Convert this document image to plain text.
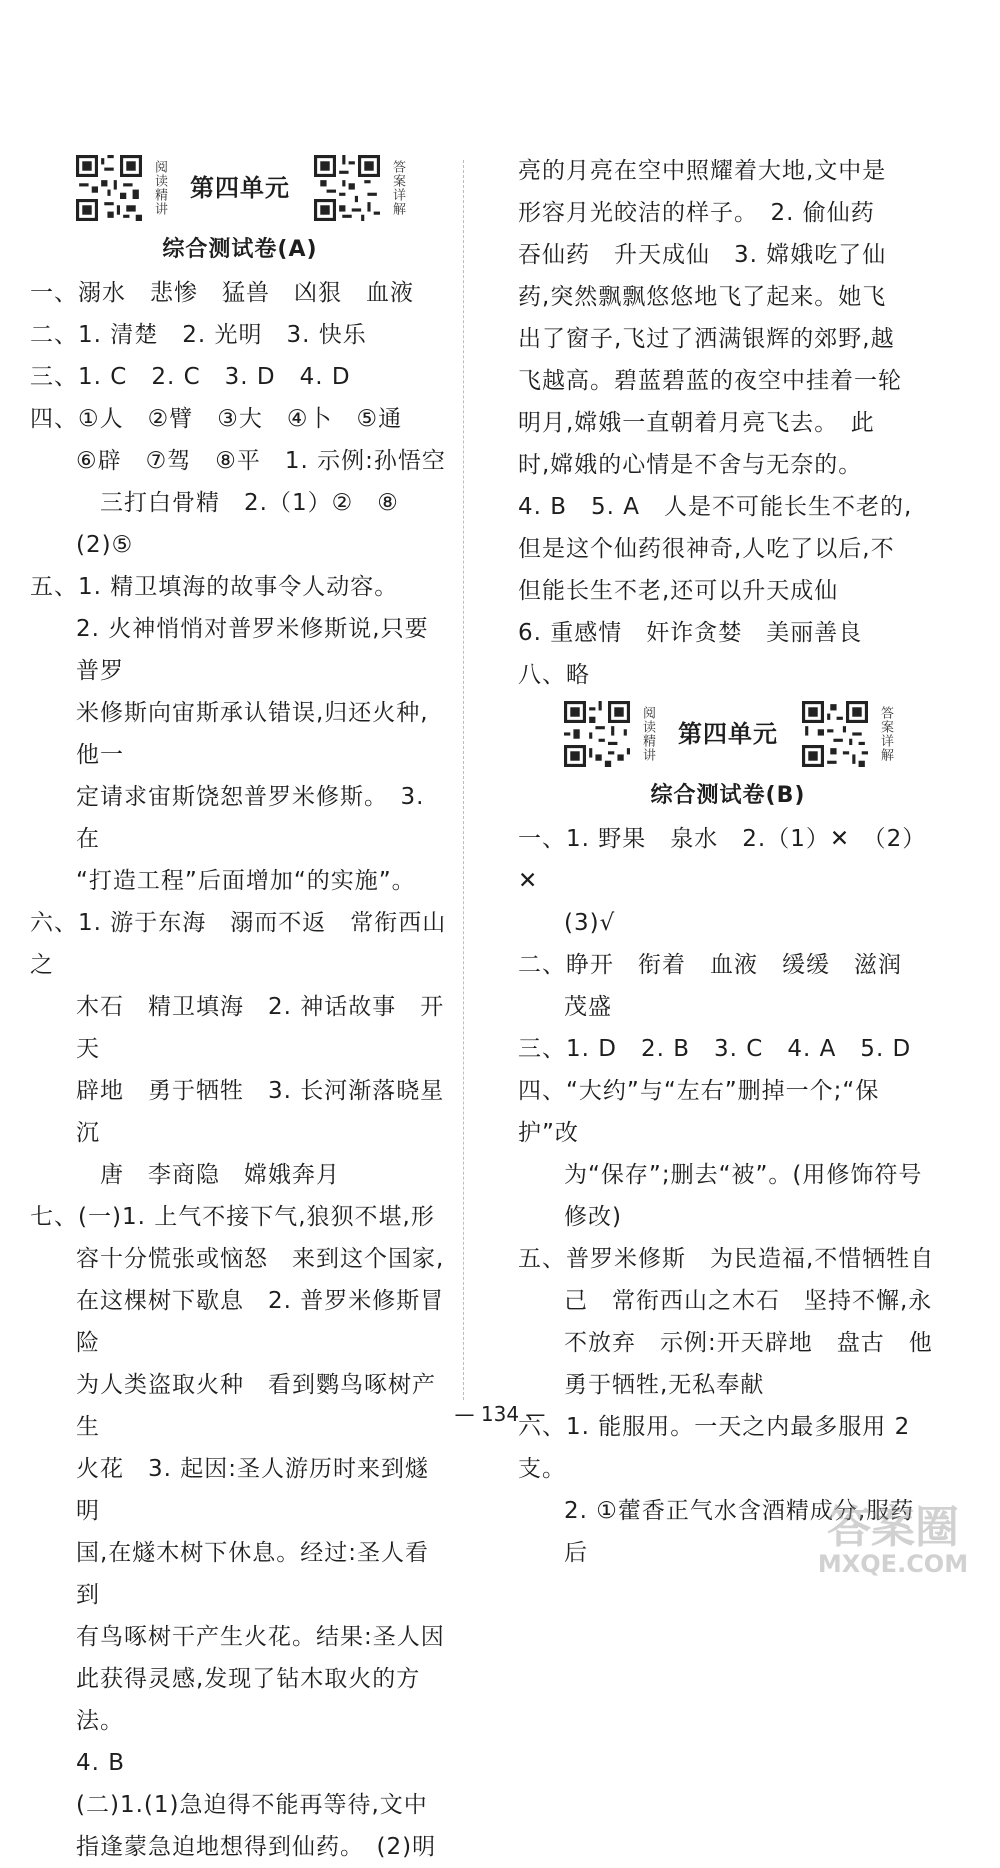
阅读精讲 第四单元	答案详解
综合测试卷(A)
一、溺水　悲惨　猛兽　凶狠　血液
二、1. 清楚　2. 光明　3. 快乐
三、1. C　2. C　3. D　4. D
四、①人　②臂　③大　④卜　⑤通
⑥辟　⑦驾　⑧平　1. 示例:孙悟空
三打白骨精　2.（1）②　⑧
(2)⑤
五、1. 精卫填海的故事令人动容。
2. 火神悄悄对普罗米修斯说,只要普罗
米修斯向宙斯承认错误,归还火种,他一
定请求宙斯饶恕普罗米修斯。　3. 在
“打造工程”后面增加“的实施”。
六、1. 游于东海　溺而不返　常衔西山之
木石　精卫填海　2. 神话故事　开天
辟地　勇于牺牲　3. 长河渐落晓星沉
唐　李商隐　嫦娥奔月
七、(一)1. 上气不接下气,狼狈不堪,形
容十分慌张或恼怒　来到这个国家,
在这棵树下歇息　2. 普罗米修斯冒险
为人类盗取火种　看到鹦鸟啄树产生
火花　3. 起因:圣人游历时来到燧明
国,在燧木树下休息。经过:圣人看到
有鸟啄树干产生火花。结果:圣人因
此获得灵感,发现了钻木取火的方法。
4. B
(二)1.(1)急迫得不能再等待,文中
指逢蒙急迫地想得到仙药。　(2)明
亮的月亮在空中照耀着大地,文中是
形容月光皎洁的样子。　2. 偷仙药
吞仙药　升天成仙　3. 嫦娥吃了仙
药,突然飘飘悠悠地飞了起来。她飞
出了窗子,飞过了洒满银辉的郊野,越
飞越高。碧蓝碧蓝的夜空中挂着一轮
明月,嫦娥一直朝着月亮飞去。　此
时,嫦娥的心情是不舍与无奈的。
4. B　5. A　人是不可能长生不老的,
但是这个仙药很神奇,人吃了以后,不
但能长生不老,还可以升天成仙
6. 重感情　奸诈贪婪　美丽善良
八、略
阅读精讲 第四单元	答案详解
综合测试卷(B)
一、1. 野果　泉水　2.（1）✕　（2）✕
(3)√
二、睁开　衔着　血液　缓缓　滋润
茂盛
三、1. D　2. B　3. C　4. A　5. D
四、“大约”与“左右”删掉一个;“保护”改
为“保存”;删去“被”。(用修饰符号
修改)
五、普罗米修斯　为民造福,不惜牺牲自
己　常衔西山之木石　坚持不懈,永
不放弃　示例:开天辟地　盘古　他
勇于牺牲,无私奉献
六、1. 能服用。一天之内最多服用 2 支。
2. ①藿香正气水含酒精成分,服药后
— 134 —
答案圈
MXQE.COM
